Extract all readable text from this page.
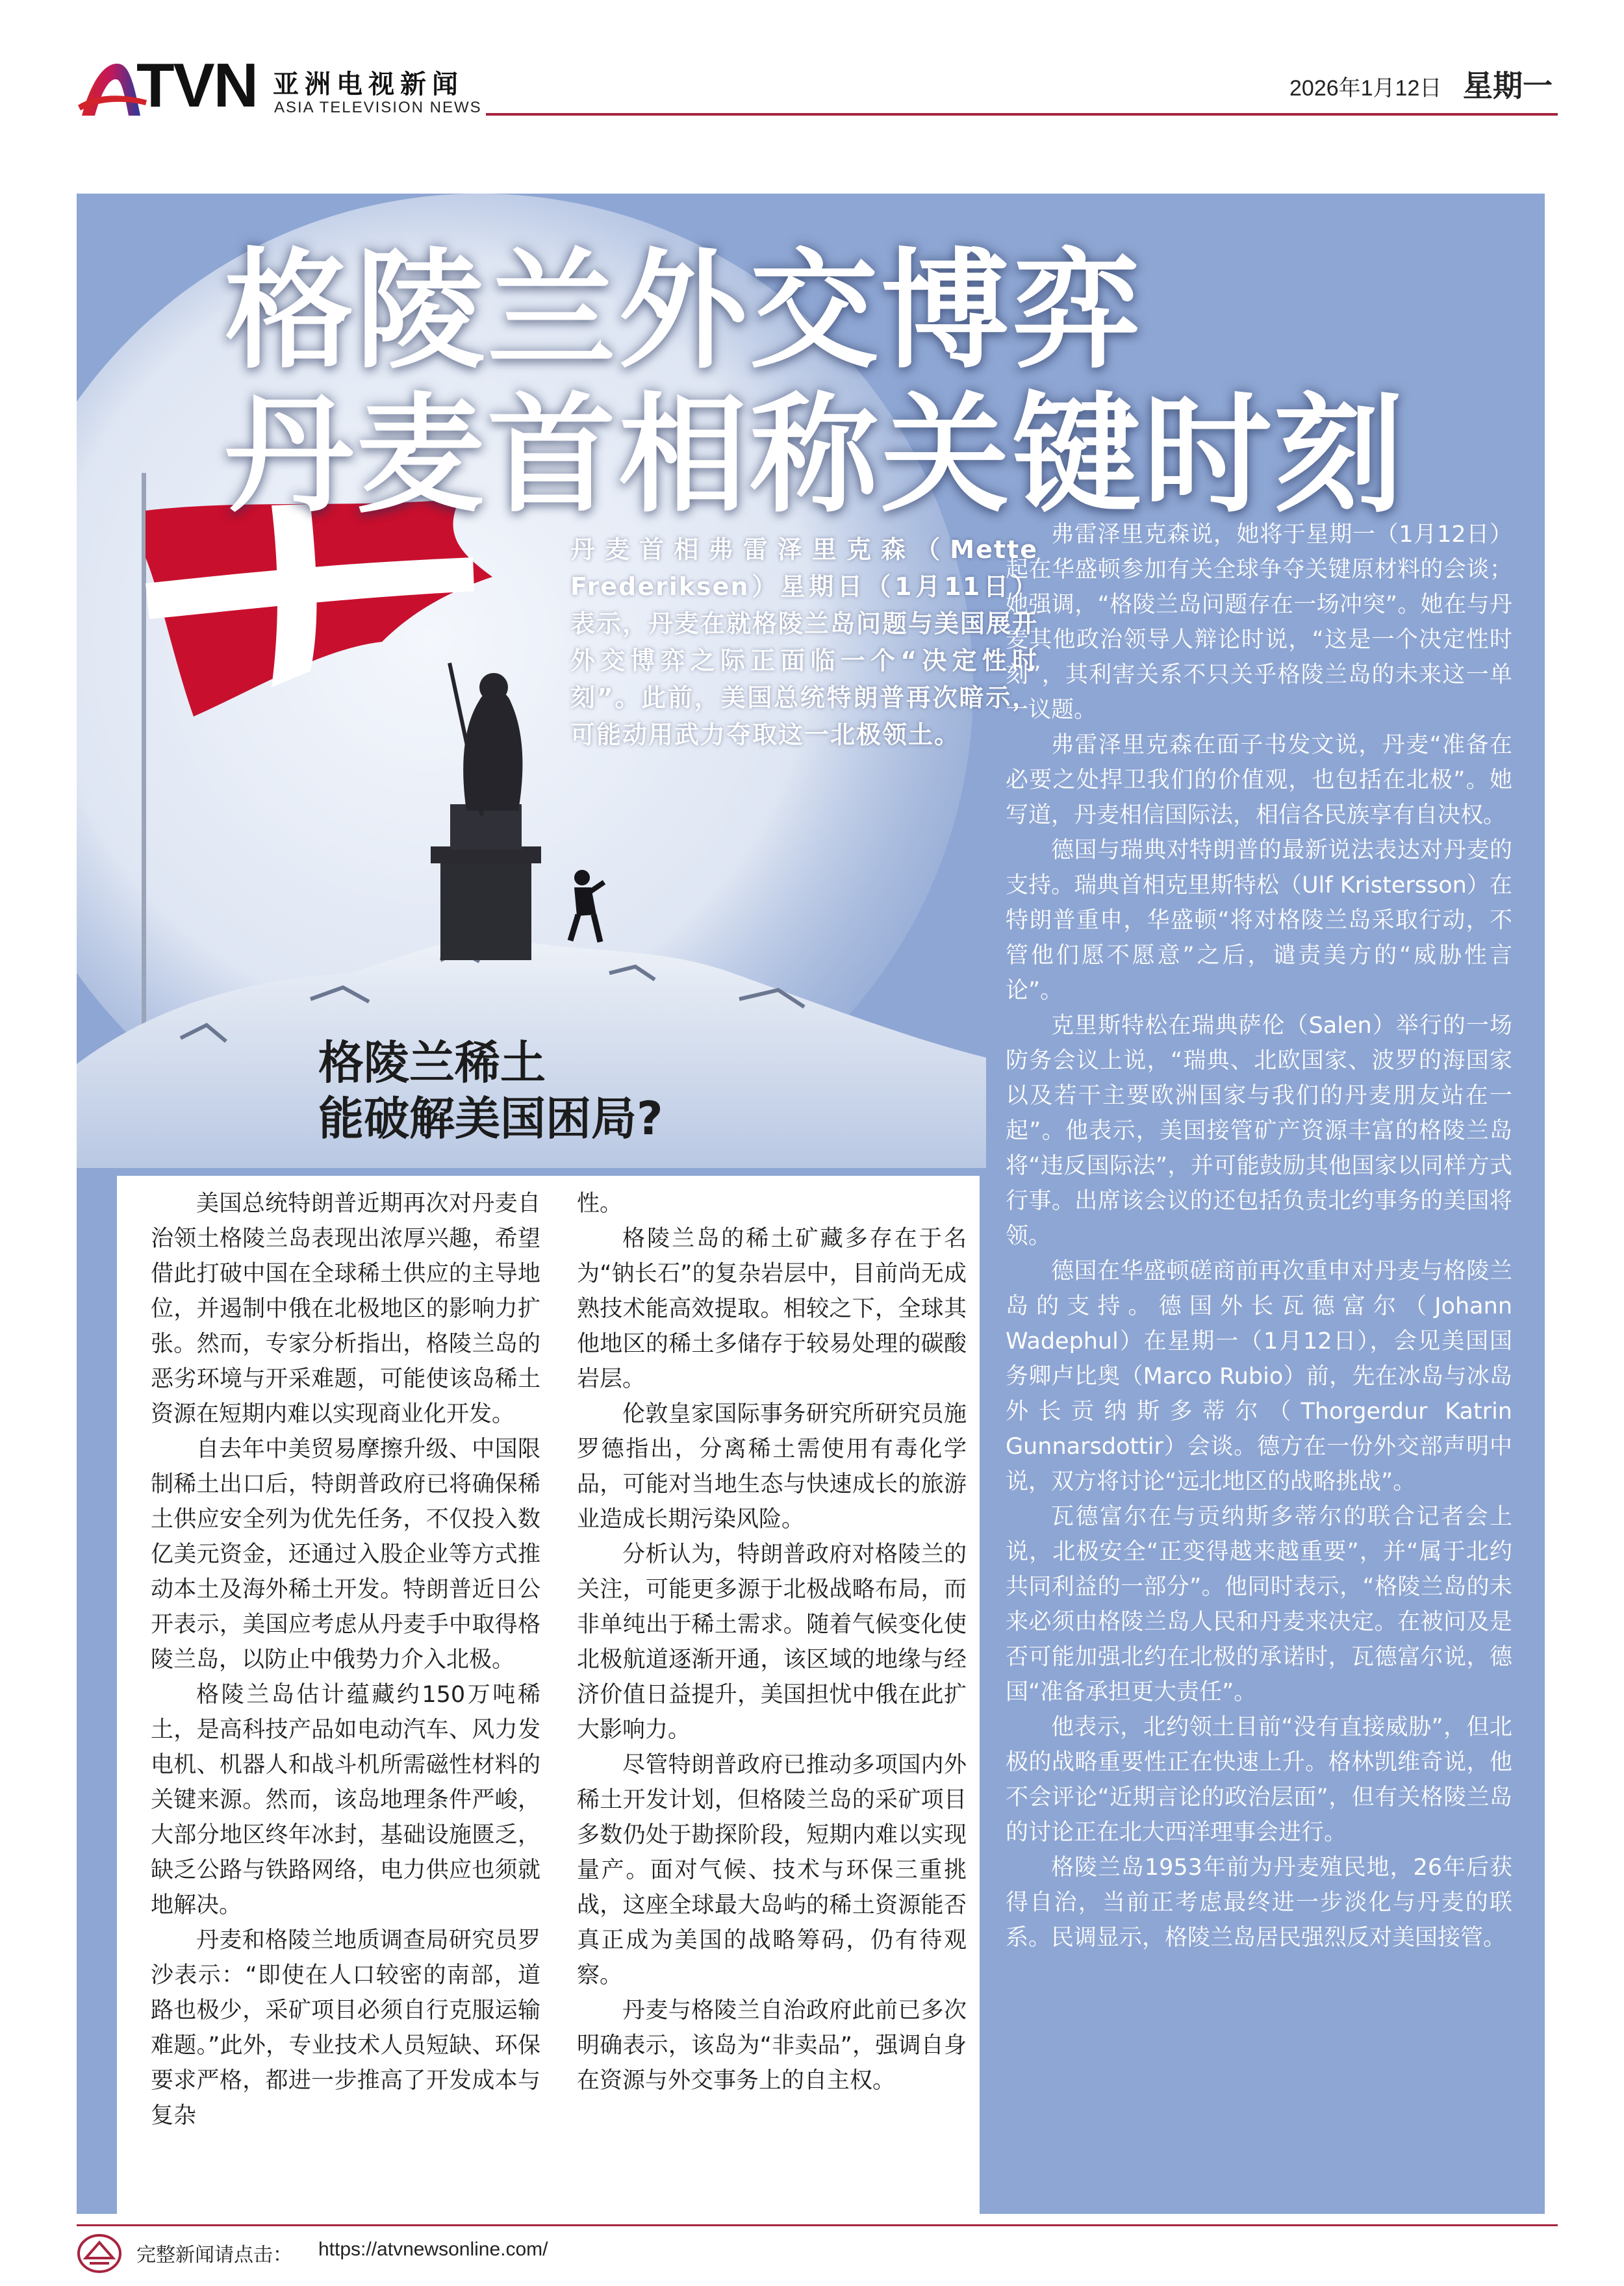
TVN 亚洲电视新闻
ASIA TELEVISION NEWS
2026年1月12日 星期一
格陵兰外交博弈
丹麦首相称关键时刻
丹麦首相弗雷泽里克森（Mette Frederiksen）星期日（1月11日）表示，丹麦在就格陵兰岛问题与美国展开外交博弈之际正面临一个“决定性时刻”。此前，美国总统特朗普再次暗示，可能动用武力夺取这一北极领土。
格陵兰稀土
能破解美国困局?

美国总统特朗普近期再次对丹麦自治领土格陵兰岛表现出浓厚兴趣，希望借此打破中国在全球稀土供应的主导地位，并遏制中俄在北极地区的影响力扩张。然而，专家分析指出，格陵兰岛的恶劣环境与开采难题，可能使该岛稀土资源在短期内难以实现商业化开发。

自去年中美贸易摩擦升级、中国限制稀土出口后，特朗普政府已将确保稀土供应安全列为优先任务，不仅投入数亿美元资金，还通过入股企业等方式推动本土及海外稀土开发。特朗普近日公开表示，美国应考虑从丹麦手中取得格陵兰岛，以防止中俄势力介入北极。

格陵兰岛估计蕴藏约150万吨稀土，是高科技产品如电动汽车、风力发电机、机器人和战斗机所需磁性材料的关键来源。然而，该岛地理条件严峻，大部分地区终年冰封，基础设施匮乏，缺乏公路与铁路网络，电力供应也须就地解决。

丹麦和格陵兰地质调查局研究员罗沙表示：“即使在人口较密的南部，道路也极少，采矿项目必须自行克服运输难题。”此外，专业技术人员短缺、环保要求严格，都进一步推高了开发成本与复杂

性。

格陵兰岛的稀土矿藏多存在于名为“钠长石”的复杂岩层中，目前尚无成熟技术能高效提取。相较之下，全球其他地区的稀土多储存于较易处理的碳酸岩层。

伦敦皇家国际事务研究所研究员施罗德指出，分离稀土需使用有毒化学品，可能对当地生态与快速成长的旅游业造成长期污染风险。

分析认为，特朗普政府对格陵兰的关注，可能更多源于北极战略布局，而非单纯出于稀土需求。随着气候变化使北极航道逐渐开通，该区域的地缘与经济价值日益提升，美国担忧中俄在此扩大影响力。

尽管特朗普政府已推动多项国内外稀土开发计划，但格陵兰岛的采矿项目多数仍处于勘探阶段，短期内难以实现量产。面对气候、技术与环保三重挑战，这座全球最大岛屿的稀土资源能否真正成为美国的战略筹码，仍有待观察。

丹麦与格陵兰自治政府此前已多次明确表示，该岛为“非卖品”，强调自身在资源与外交事务上的自主权。

弗雷泽里克森说，她将于星期一（1月12日）起在华盛顿参加有关全球争夺关键原材料的会谈；她强调，“格陵兰岛问题存在一场冲突”。她在与丹麦其他政治领导人辩论时说，“这是一个决定性时刻”，其利害关系不只关乎格陵兰岛的未来这一单一议题。

弗雷泽里克森在面子书发文说，丹麦“准备在必要之处捍卫我们的价值观，也包括在北极”。她写道，丹麦相信国际法，相信各民族享有自决权。

德国与瑞典对特朗普的最新说法表达对丹麦的支持。瑞典首相克里斯特松（Ulf Kristersson）在特朗普重申，华盛顿“将对格陵兰岛采取行动，不管他们愿不愿意”之后，谴责美方的“威胁性言论”。

克里斯特松在瑞典萨伦（Salen）举行的一场防务会议上说，“瑞典、北欧国家、波罗的海国家以及若干主要欧洲国家与我们的丹麦朋友站在一起”。他表示，美国接管矿产资源丰富的格陵兰岛将“违反国际法”，并可能鼓励其他国家以同样方式行事。出席该会议的还包括负责北约事务的美国将领。

德国在华盛顿磋商前再次重申对丹麦与格陵兰岛的支持。德国外长瓦德富尔（Johann Wadephul）在星期一（1月12日），会见美国国务卿卢比奥（Marco Rubio）前，先在冰岛与冰岛外长贡纳斯多蒂尔（Thorgerdur Katrin Gunnarsdottir）会谈。德方在一份外交部声明中说，双方将讨论“远北地区的战略挑战”。

瓦德富尔在与贡纳斯多蒂尔的联合记者会上说，北极安全“正变得越来越重要”，并“属于北约共同利益的一部分”。他同时表示，“格陵兰岛的未来必须由格陵兰岛人民和丹麦来决定。在被问及是否可能加强北约在北极的承诺时，瓦德富尔说，德国“准备承担更大责任”。

他表示，北约领土目前“没有直接威胁”，但北极的战略重要性正在快速上升。格林凯维奇说，他不会评论“近期言论的政治层面”，但有关格陵兰岛的讨论正在北大西洋理事会进行。

格陵兰岛1953年前为丹麦殖民地，26年后获得自治，当前正考虑最终进一步淡化与丹麦的联系。民调显示，格陵兰岛居民强烈反对美国接管。

完整新闻请点击： https://atvnewsonline.com/
